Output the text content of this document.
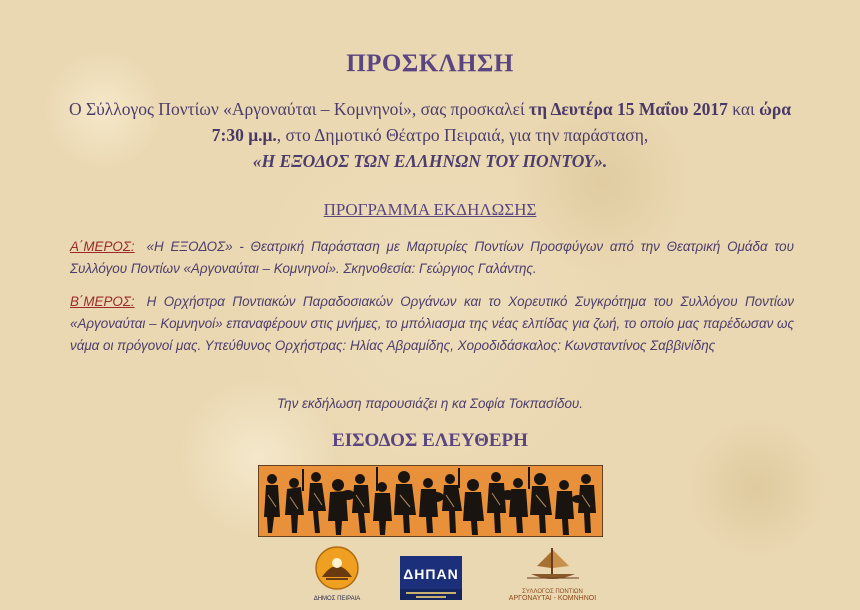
ΠΡΟΣΚΛΗΣΗ
Ο Σύλλογος Ποντίων «Αργοναύται – Κομνηνοί», σας προσκαλεί τη Δευτέρα 15 Μαΐου 2017 και ώρα 7:30 μ.μ., στο Δημοτικό Θέατρο Πειραιά, για την παράσταση,
«Η ΕΞΟΔΟΣ ΤΩΝ ΕΛΛΗΝΩΝ ΤΟΥ ΠΟΝΤΟΥ».
ΠΡΟΓΡΑΜΜΑ ΕΚΔΗΛΩΣΗΣ
Α΄ΜΕΡΟΣ: «Η ΕΞΟΔΟΣ» - Θεατρική Παράσταση με Μαρτυρίες Ποντίων Προσφύγων από την Θεατρική Ομάδα του Συλλόγου Ποντίων «Αργοναύται – Κομνηνοί». Σκηνοθεσία: Γεώργιος Γαλάντης.
Β΄ΜΕΡΟΣ: Η Ορχήστρα Ποντιακών Παραδοσιακών Οργάνων και το Χορευτικό Συγκρότημα του Συλλόγου Ποντίων «Αργοναύται – Κομνηνοί» επαναφέρουν στις μνήμες, το μπόλιασμα της νέας ελπίδας για ζωή, το οποίο μας παρέδωσαν ως νάμα οι πρόγονοί μας. Υπεύθυνος Ορχήστρας: Ηλίας Αβραμίδης, Χοροδιδάσκαλος: Κωνσταντίνος Σαββινίδης
Την εκδήλωση παρουσιάζει η κα Σοφία Τοκπασίδου.
ΕΙΣΟΔΟΣ ΕΛΕΥΘΕΡΗ
ΔΗΜΟΣ ΠΕΙΡΑΙΑ
ΔΗΠΑΝ
ΣΥΛΛΟΓΟΣ ΠΟΝΤΙΩΝ
ΑΡΓΟΝΑΥΤΑΙ - ΚΟΜΝΗΝΟΙ
